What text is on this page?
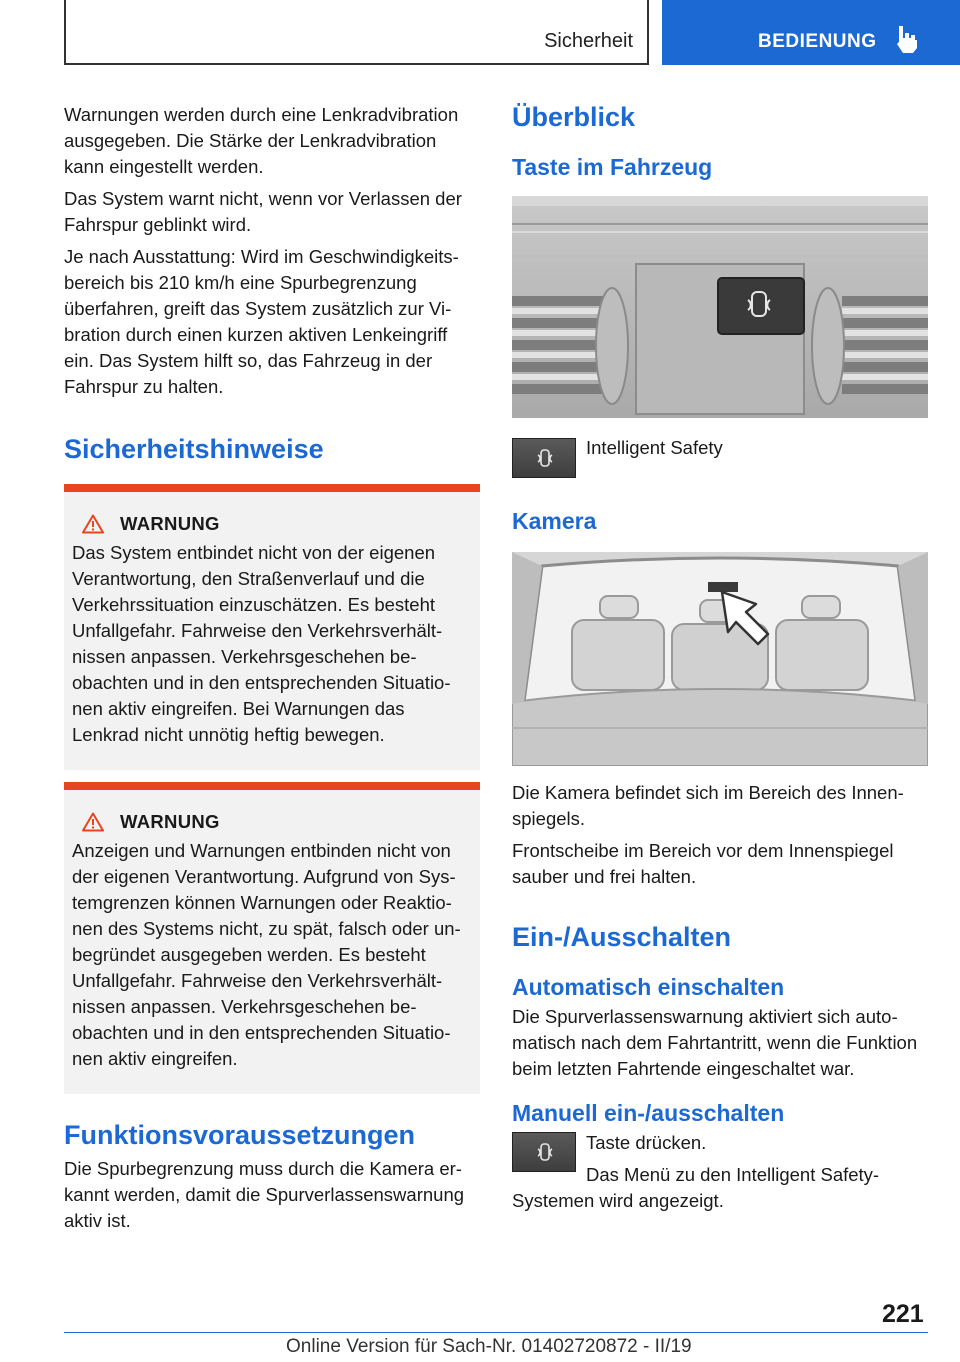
Sicherheit	BEDIENUNG

Warnungen werden durch eine Lenkradvibration ausgegeben. Die Stärke der Lenkradvibration kann eingestellt werden.

Das System warnt nicht, wenn vor Verlassen der Fahrspur geblinkt wird.

Je nach Ausstattung: Wird im Geschwindigkeitsbereich bis 210 km/h eine Spurbegrenzung überfahren, greift das System zusätzlich zur Vibration durch einen kurzen aktiven Lenkeingriff ein. Das System hilft so, das Fahrzeug in der Fahrspur zu halten.

Sicherheitshinweise
WARNUNG

Das System entbindet nicht von der eigenen Verantwortung, den Straßenverlauf und die Verkehrssituation einzuschätzen. Es besteht Unfallgefahr. Fahrweise den Verkehrsverhältnissen anpassen. Verkehrsgeschehen beobachten und in den entsprechenden Situationen aktiv eingreifen. Bei Warnungen das Lenkrad nicht unnötig heftig bewegen.

WARNUNG

Anzeigen und Warnungen entbinden nicht von der eigenen Verantwortung. Aufgrund von Systemgrenzen können Warnungen oder Reaktionen des Systems nicht, zu spät, falsch oder unbegründet ausgegeben werden. Es besteht Unfallgefahr. Fahrweise den Verkehrsverhältnissen anpassen. Verkehrsgeschehen beobachten und in den entsprechenden Situationen aktiv eingreifen.

Funktionsvoraussetzungen

Die Spurbegrenzung muss durch die Kamera erkannt werden, damit die Spurverlassenswarnung aktiv ist.

Überblick
Taste im Fahrzeug

Intelligent Safety

Kamera

Die Kamera befindet sich im Bereich des Innenspiegels.

Frontscheibe im Bereich vor dem Innenspiegel sauber und frei halten.

Ein-/Ausschalten
Automatisch einschalten

Die Spurverlassenswarnung aktiviert sich automatisch nach dem Fahrtantritt, wenn die Funktion beim letzten Fahrtende eingeschaltet war.

Manuell ein-/ausschalten

Taste drücken.

Das Menü zu den Intelligent Safety-Systemen wird angezeigt.

221
Online Version für Sach-Nr. 01402720872 - II/19
